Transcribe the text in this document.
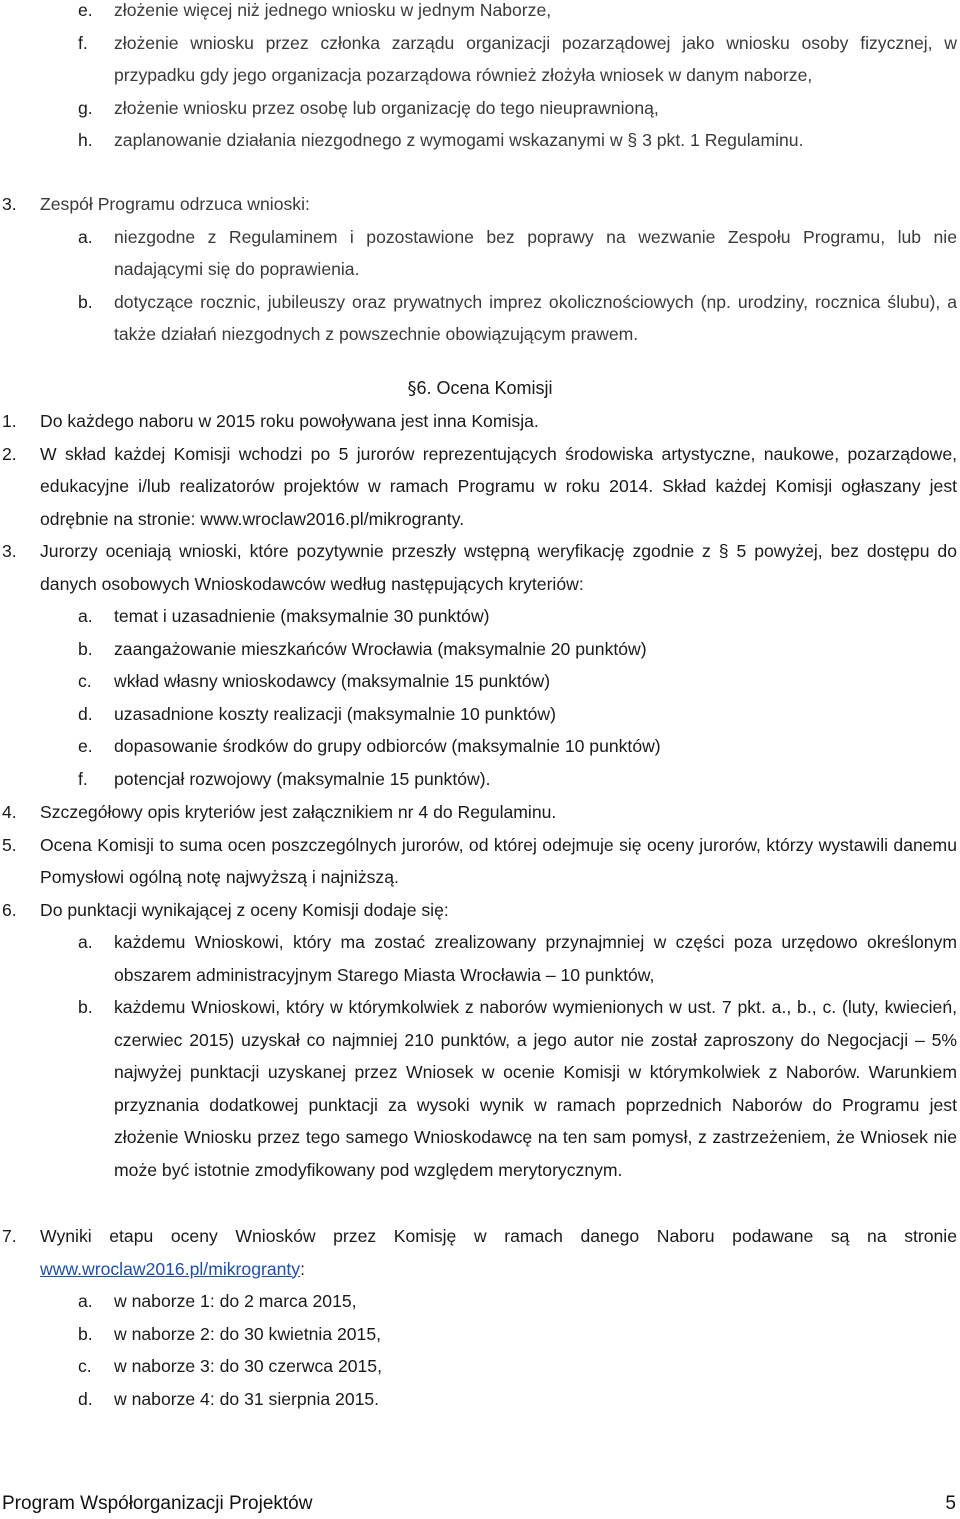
e.	złożenie więcej niż jednego wniosku w jednym Naborze,
f.	złożenie wniosku przez członka zarządu organizacji pozarządowej jako wniosku osoby fizycznej, w przypadku gdy jego organizacja pozarządowa również złożyła wniosek w danym naborze,
g.	złożenie wniosku przez osobę lub organizację do tego nieuprawnioną,
h.	zaplanowanie działania niezgodnego z wymogami wskazanymi w § 3 pkt. 1 Regulaminu.
3.	Zespół Programu odrzuca wnioski:
a.	niezgodne z Regulaminem i pozostawione bez poprawy na wezwanie Zespołu Programu, lub nie nadającymi się do poprawienia.
b.	dotyczące rocznic, jubileuszy oraz prywatnych imprez okolicznościowych (np. urodziny, rocznica ślubu), a także działań niezgodnych z powszechnie obowiązującym prawem.
§6. Ocena Komisji
1.	Do każdego naboru w 2015 roku powoływana jest inna Komisja.
2.	W skład każdej Komisji wchodzi po 5 jurorów reprezentujących środowiska artystyczne, naukowe, pozarządowe, edukacyjne i/lub realizatorów projektów w ramach Programu w roku 2014. Skład każdej Komisji ogłaszany jest odrębnie na stronie: www.wroclaw2016.pl/mikrogranty.
3.	Jurorzy oceniają wnioski, które pozytywnie przeszły wstępną weryfikację zgodnie z § 5 powyżej, bez dostępu do danych osobowych Wnioskodawców według następujących kryteriów:
a.	temat i uzasadnienie (maksymalnie 30 punktów)
b.	zaangażowanie mieszkańców Wrocławia (maksymalnie 20 punktów)
c.	wkład własny wnioskodawcy (maksymalnie 15 punktów)
d.	uzasadnione koszty realizacji (maksymalnie 10 punktów)
e.	dopasowanie środków do grupy odbiorców (maksymalnie 10 punktów)
f.	potencjał rozwojowy (maksymalnie 15 punktów).
4.	Szczegółowy opis kryteriów jest załącznikiem nr 4 do Regulaminu.
5.	Ocena Komisji to suma ocen poszczególnych jurorów, od której odejmuje się oceny jurorów, którzy wystawili danemu Pomysłowi ogólną notę najwyższą i najniższą.
6.	Do punktacji wynikającej z oceny Komisji dodaje się:
a.	każdemu Wnioskowi, który ma zostać zrealizowany przynajmniej w części poza urzędowo określonym obszarem administracyjnym Starego Miasta Wrocławia – 10 punktów,
b.	każdemu Wnioskowi, który w którymkolwiek z naborów wymienionych w ust. 7 pkt. a., b., c. (luty, kwiecień, czerwiec 2015) uzyskał co najmniej 210 punktów, a jego autor nie został zaproszony do Negocjacji – 5% najwyżej punktacji uzyskanej przez Wniosek w ocenie Komisji w którymkolwiek z Naborów. Warunkiem przyznania dodatkowej punktacji za wysoki wynik w ramach poprzednich Naborów do Programu jest złożenie Wniosku przez tego samego Wnioskodawcę na ten sam pomysł, z zastrzeżeniem, że Wniosek nie może być istotnie zmodyfikowany pod względem merytorycznym.
7.	Wyniki etapu oceny Wniosków przez Komisję w ramach danego Naboru podawane są na stronie www.wroclaw2016.pl/mikrogranty:
a.	w naborze 1: do 2 marca 2015,
b.	w naborze 2: do 30 kwietnia 2015,
c.	w naborze 3: do 30 czerwca 2015,
d.	w naborze 4: do 31 sierpnia 2015.
Program Współorganizacji Projektów	5
